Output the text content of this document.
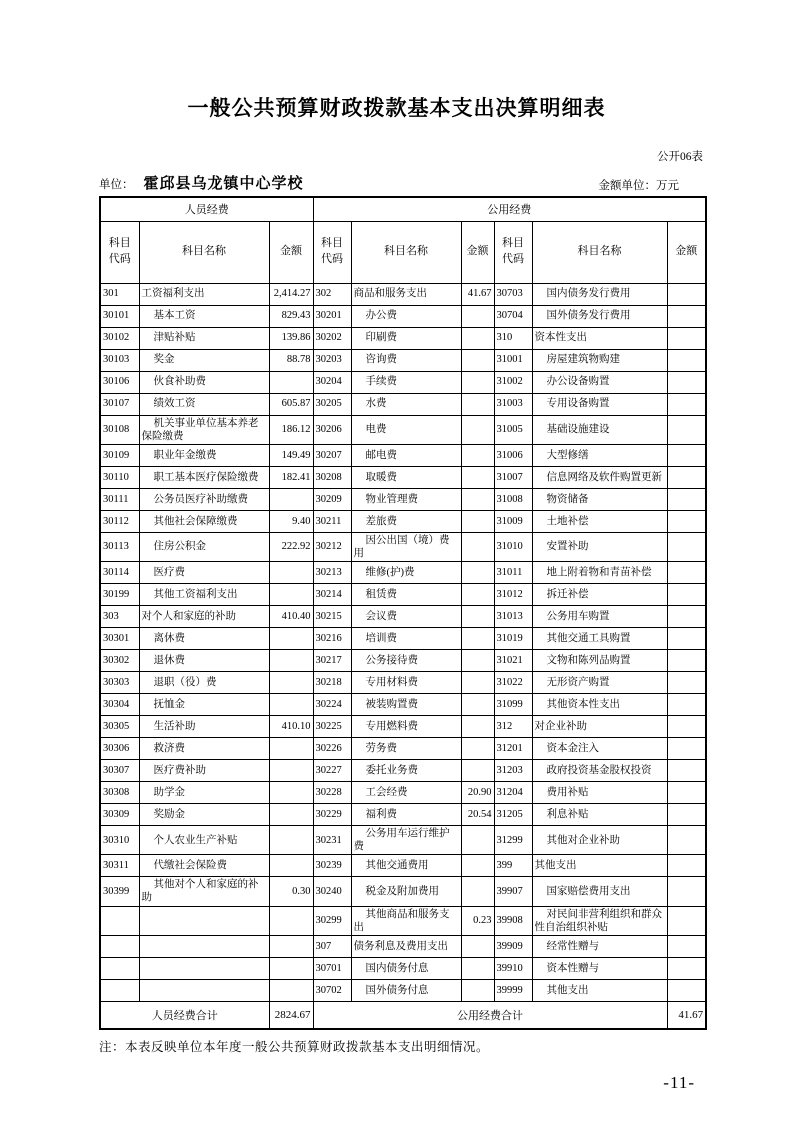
一般公共预算财政拨款基本支出决算明细表
公开06表
单位： 霍邱县乌龙镇中心学校	金额单位：万元
人员经费			公用经费					
科目代码	科目名称	金额	科目代码	科目名称	金额	科目代码	科目名称	金额
301	工资福利支出	2,414.27	302	商品和服务支出	41.67	30703	国内债务发行费用	
30101	基本工资	829.43	30201	办公费		30704	国外债务发行费用	
30102	津贴补贴	139.86	30202	印刷费		310	资本性支出	
30103	奖金	88.78	30203	咨询费		31001	房屋建筑物购建	
30106	伙食补助费		30204	手续费		31002	办公设备购置	
30107	绩效工资	605.87	30205	水费		31003	专用设备购置	
30108	机关事业单位基本养老保险缴费	186.12	30206	电费		31005	基础设施建设	
30109	职业年金缴费	149.49	30207	邮电费		31006	大型修缮	
30110	职工基本医疗保险缴费	182.41	30208	取暖费		31007	信息网络及软件购置更新	
30111	公务员医疗补助缴费		30209	物业管理费		31008	物资储备	
30112	其他社会保障缴费	9.40	30211	差旅费		31009	土地补偿	
30113	住房公积金	222.92	30212	因公出国（境）费用		31010	安置补助	
30114	医疗费		30213	维修(护)费		31011	地上附着物和青苗补偿	
30199	其他工资福利支出		30214	租赁费		31012	拆迁补偿	
303	对个人和家庭的补助	410.40	30215	会议费		31013	公务用车购置	
30301	离休费		30216	培训费		31019	其他交通工具购置	
30302	退休费		30217	公务接待费		31021	文物和陈列品购置	
30303	退职（役）费		30218	专用材料费		31022	无形资产购置	
30304	抚恤金		30224	被装购置费		31099	其他资本性支出	
30305	生活补助	410.10	30225	专用燃料费		312	对企业补助	
30306	救济费		30226	劳务费		31201	资本金注入	
30307	医疗费补助		30227	委托业务费		31203	政府投资基金股权投资	
30308	助学金		30228	工会经费	20.90	31204	费用补贴	
30309	奖励金		30229	福利费	20.54	31205	利息补贴	
30310	个人农业生产补贴		30231	公务用车运行维护费		31299	其他对企业补助	
30311	代缴社会保险费		30239	其他交通费用		399	其他支出	
30399	其他对个人和家庭的补助	0.30	30240	税金及附加费用		39907	国家赔偿费用支出	
			30299	其他商品和服务支出	0.23	39908	对民间非营利组织和群众性自治组织补贴	
			307	债务利息及费用支出		39909	经常性赠与	
			30701	国内债务付息		39910	资本性赠与	
			30702	国外债务付息		39999	其他支出	
人员经费合计		2824.67	公用经费合计					41.67
注：本表反映单位本年度一般公共预算财政拨款基本支出明细情况。
-11-
